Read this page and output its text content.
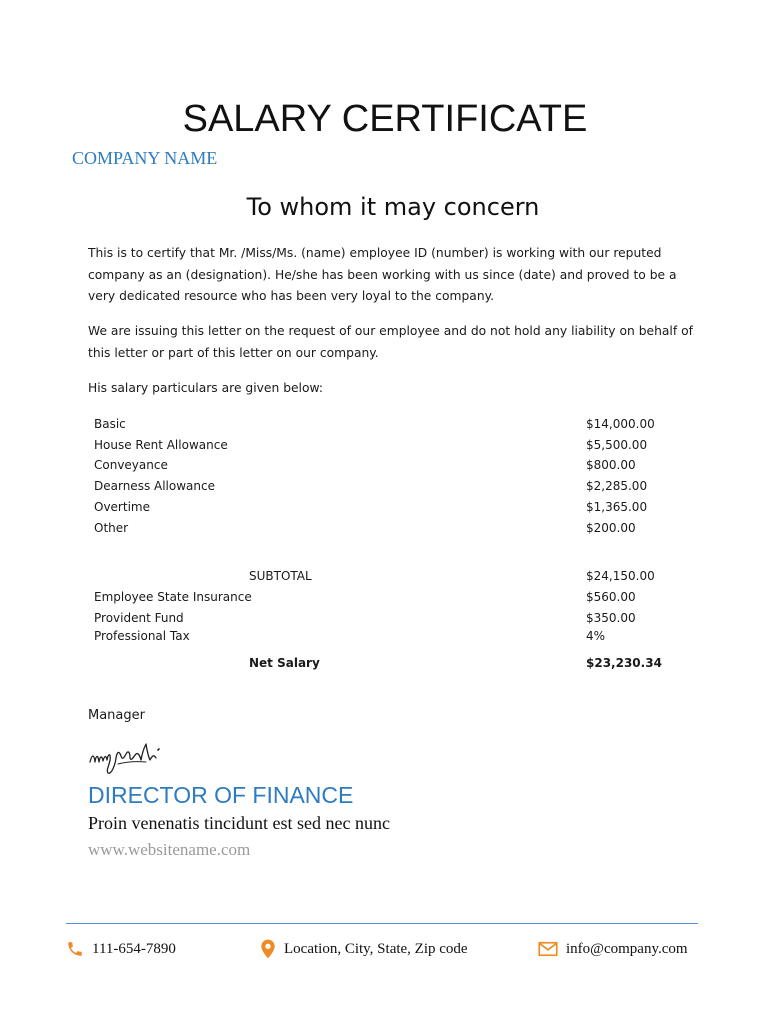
SALARY CERTIFICATE
COMPANY NAME
To whom it may concern
This is to certify that Mr. /Miss/Ms. (name) employee ID (number) is working with our reputed company as an (designation). He/she has been working with us since (date) and proved to be a very dedicated resource who has been very loyal to the company.
We are issuing this letter on the request of our employee and do not hold any liability on behalf of this letter or part of this letter on our company.
His salary particulars are given below:
Basic	$14,000.00
House Rent Allowance	$5,500.00
Conveyance	$800.00
Dearness Allowance	$2,285.00
Overtime	$1,365.00
Other	$200.00
SUBTOTAL	$24,150.00
Employee State Insurance	$560.00
Provident Fund	$350.00
Professional Tax	4%
Net Salary	$23,230.34
Manager
DIRECTOR OF FINANCE
Proin venenatis tincidunt est sed nec nunc
www.websitename.com
111-654-7890	Location, City, State, Zip code	info@company.com
